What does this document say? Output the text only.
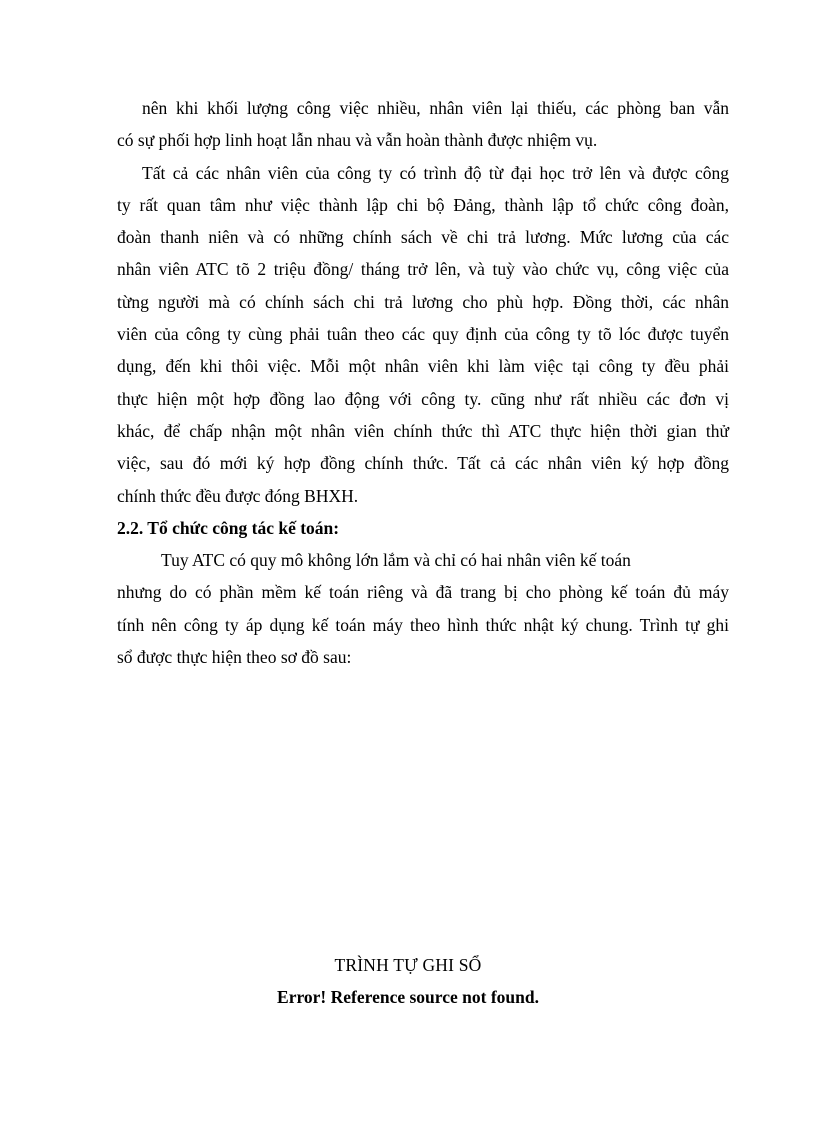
nên khi khối lượng công việc nhiều, nhân viên lại thiếu, các phòng ban vẫn

có sự phối hợp linh hoạt lẫn nhau và vẫn hoàn thành được nhiệm vụ.

Tất cả các nhân viên của công ty có trình độ từ đại học trở lên và được công

ty rất quan tâm như việc thành lập chi bộ Đảng, thành lập tổ chức công đoàn,
đoàn thanh niên và có những chính sách về chi trả lương. Mức lương của các
nhân viên ATC tõ 2 triệu đồng/ tháng trở lên, và tuỳ vào chức vụ, công việc của
từng người mà có chính sách chi trả lương cho phù hợp. Đồng thời, các nhân
viên của công ty cùng phải tuân theo các quy định của công ty tõ lóc được tuyển
dụng, đến khi thôi việc. Mỗi một nhân viên khi làm việc tại công ty đều phải
thực hiện một hợp đồng lao động với công ty. cũng như rất nhiều các đơn vị
khác, để chấp nhận một nhân viên chính thức thì ATC thực hiện thời gian thử
việc, sau đó mới ký hợp đồng chính thức. Tất cả các nhân viên ký hợp đồng
chính thức đều được đóng BHXH.

2.2. Tổ chức công tác kế toán:

Tuy ATC có quy mô không lớn lắm và chỉ có hai nhân viên kế toán

nhưng do có phần mềm kế toán riêng và đã trang bị cho phòng kế toán đủ máy
tính nên công ty áp dụng kế toán máy theo hình thức nhật ký chung. Trình tự ghi
sổ được thực hiện theo sơ đồ sau:

TRÌNH TỰ GHI SỔ
Error! Reference source not found.
